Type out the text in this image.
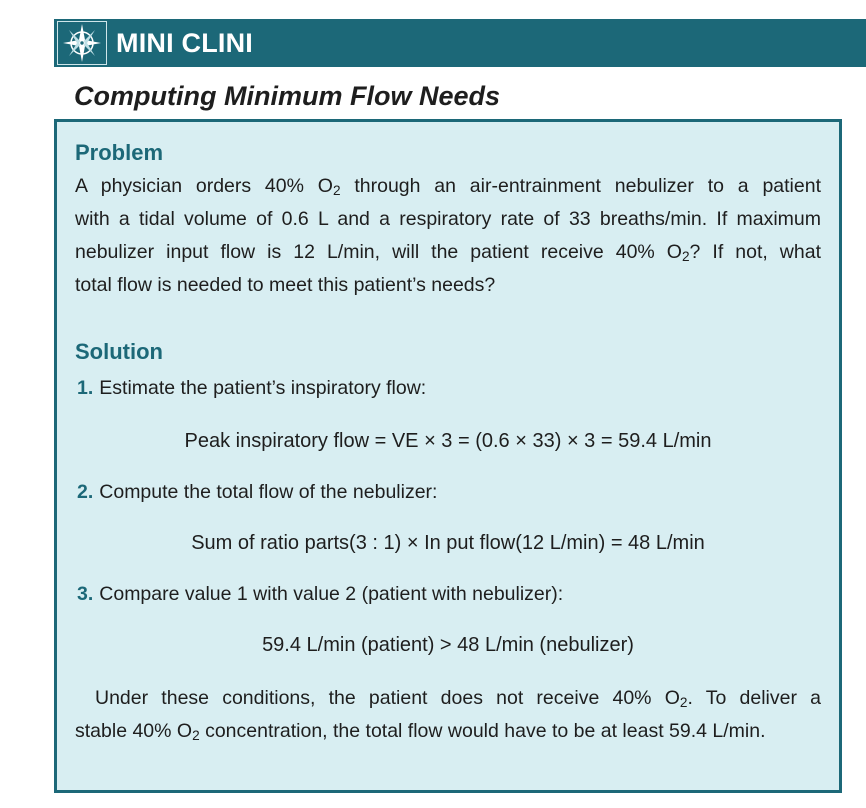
MINI CLINI
Computing Minimum Flow Needs
Problem
A physician orders 40% $O_2$ through an air-entrainment nebulizer to a patient
with a tidal volume of 0.6 L and a respiratory rate of 33 breaths/min. If maximum
nebulizer input flow is 12 L/min, will the patient receive 40% $O_2$? If not, what
total flow is needed to meet this patient’s needs?
Solution
1. Estimate the patient’s inspiratory flow:
Peak inspiratory flow = VE × 3 = (0.6 × 33) × 3 = 59.4 L/min
2. Compute the total flow of the nebulizer:
Sum of ratio parts(3 : 1) × In put flow(12 L/min) = 48 L/min
3. Compare value 1 with value 2 (patient with nebulizer):
59.4 L/min (patient) > 48 L/min (nebulizer)
Under these conditions, the patient does not receive 40% $O_2$. To deliver a
stable 40% $O_2$ concentration, the total flow would have to be at least 59.4 L/min.
